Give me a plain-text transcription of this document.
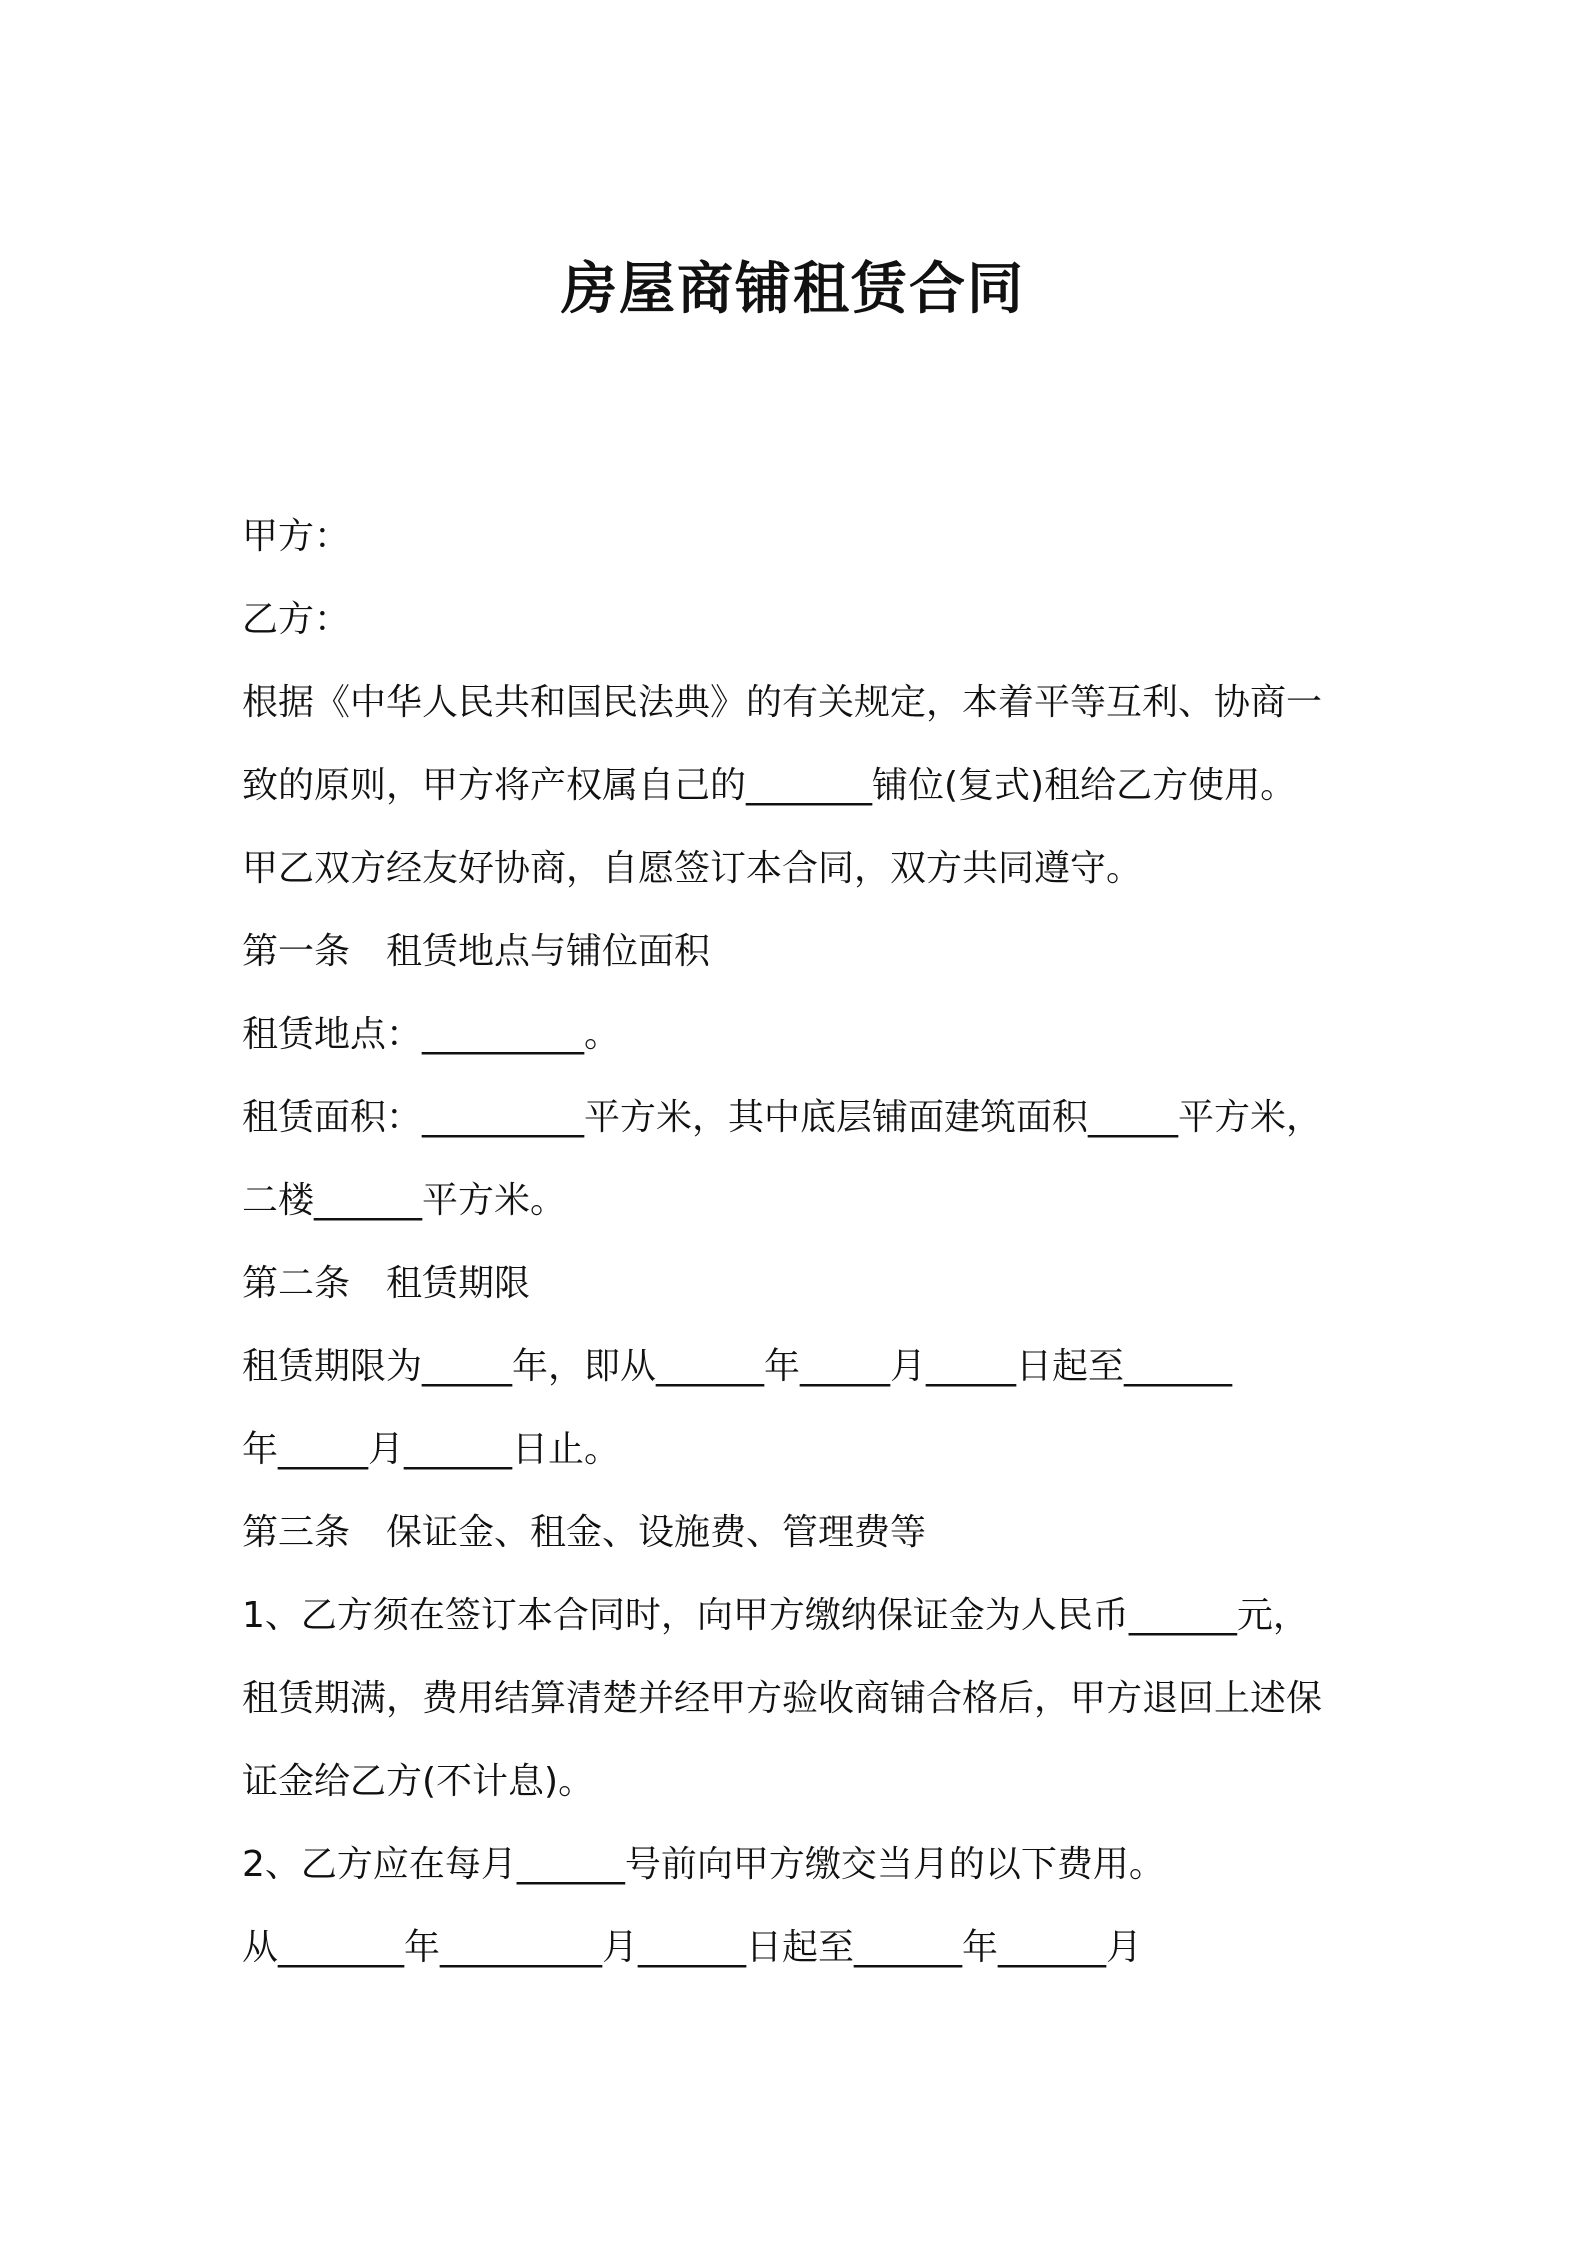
房屋商铺租赁合同
甲方：
乙方：
根据《中华人民共和国民法典》的有关规定，本着平等互利、协商一
致的原则，甲方将产权属自己的_______铺位(复式)租给乙方使用。
甲乙双方经友好协商，自愿签订本合同，双方共同遵守。
第一条　租赁地点与铺位面积
租赁地点：_________。
租赁面积：_________平方米，其中底层铺面建筑面积_____平方米，
二楼______平方米。
第二条　租赁期限
租赁期限为_____年，即从______年_____月_____日起至______
年_____月______日止。
第三条　保证金、租金、设施费、管理费等
1、乙方须在签订本合同时，向甲方缴纳保证金为人民币______元，
租赁期满，费用结算清楚并经甲方验收商铺合格后，甲方退回上述保
证金给乙方(不计息)。
2、乙方应在每月______号前向甲方缴交当月的以下费用。
从_______年_________月______日起至______年______月
